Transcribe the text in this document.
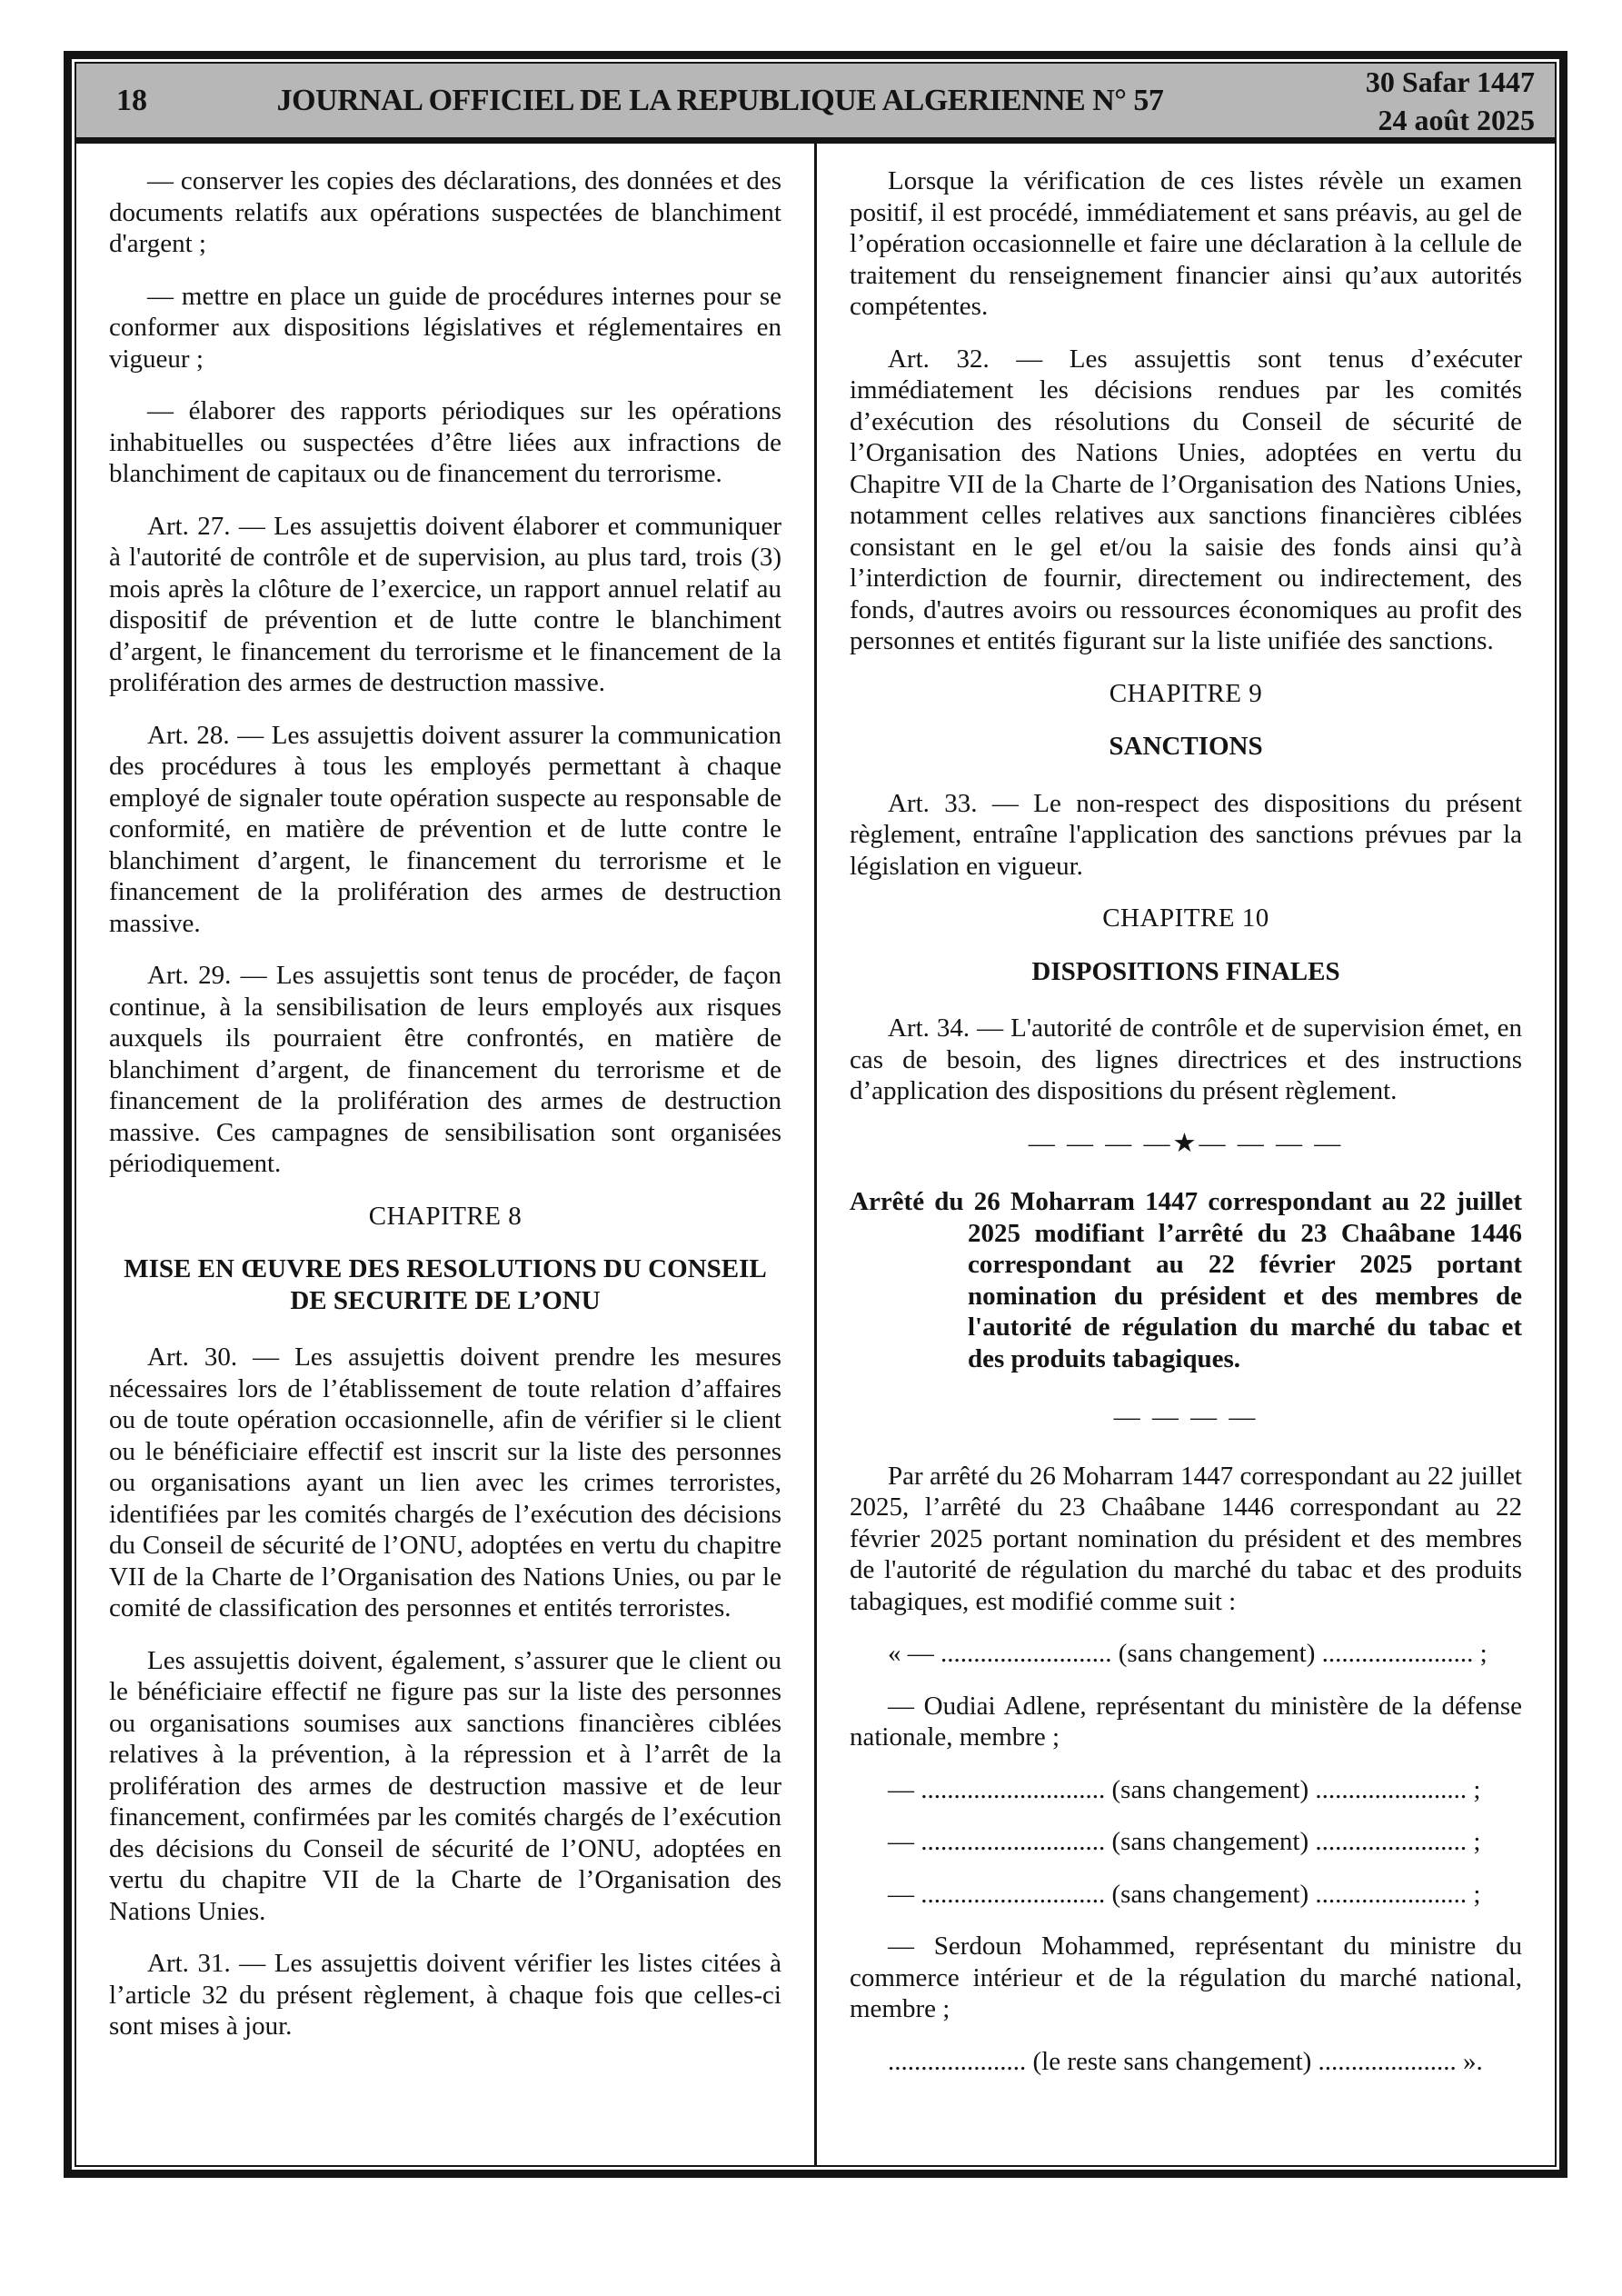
18	JOURNAL OFFICIEL DE LA REPUBLIQUE ALGERIENNE N° 57
30 Safar 1447
24 août 2025

— conserver les copies des déclarations, des données et des documents relatifs aux opérations suspectées de blanchiment d'argent ;

— mettre en place un guide de procédures internes pour se conformer aux dispositions législatives et réglementaires en vigueur ;

— élaborer des rapports périodiques sur les opérations inhabituelles ou suspectées d’être liées aux infractions de blanchiment de capitaux ou de financement du terrorisme.

Art. 27. — Les assujettis doivent élaborer et communiquer à l'autorité de contrôle et de supervision, au plus tard, trois (3) mois après la clôture de l’exercice, un rapport annuel relatif au dispositif de prévention et de lutte contre le blanchiment d’argent, le financement du terrorisme et le financement de la prolifération des armes de destruction massive.

Art. 28. — Les assujettis doivent assurer la communication des procédures à tous les employés permettant à chaque employé de signaler toute opération suspecte au responsable de conformité, en matière de prévention et de lutte contre le blanchiment d’argent, le financement du terrorisme et le financement de la prolifération des armes de destruction massive.

Art. 29. — Les assujettis sont tenus de procéder, de façon continue, à la sensibilisation de leurs employés aux risques auxquels ils pourraient être confrontés, en matière de blanchiment d’argent, de financement du terrorisme et de financement de la prolifération des armes de destruction massive. Ces campagnes de sensibilisation sont organisées périodiquement.

CHAPITRE 8

MISE EN ŒUVRE DES RESOLUTIONS DU CONSEIL DE SECURITE DE L’ONU

Art. 30. — Les assujettis doivent prendre les mesures nécessaires lors de l’établissement de toute relation d’affaires ou de toute opération occasionnelle, afin de vérifier si le client ou le bénéficiaire effectif est inscrit sur la liste des personnes ou organisations ayant un lien avec les crimes terroristes, identifiées par les comités chargés de l’exécution des décisions du Conseil de sécurité de l’ONU, adoptées en vertu du chapitre VII de la Charte de l’Organisation des Nations Unies, ou par le comité de classification des personnes et entités terroristes.

Les assujettis doivent, également, s’assurer que le client ou le bénéficiaire effectif ne figure pas sur la liste des personnes ou organisations soumises aux sanctions financières ciblées relatives à la prévention, à la répression et à l’arrêt de la prolifération des armes de destruction massive et de leur financement, confirmées par les comités chargés de l’exécution des décisions du Conseil de sécurité de l’ONU, adoptées en vertu du chapitre VII de la Charte de l’Organisation des Nations Unies.

Art. 31. — Les assujettis doivent vérifier les listes citées à l’article 32 du présent règlement, à chaque fois que celles-ci sont mises à jour.

Lorsque la vérification de ces listes révèle un examen positif, il est procédé, immédiatement et sans préavis, au gel de l’opération occasionnelle et faire une déclaration à la cellule de traitement du renseignement financier ainsi qu’aux autorités compétentes.

Art. 32. — Les assujettis sont tenus d’exécuter immédiatement les décisions rendues par les comités d’exécution des résolutions du Conseil de sécurité de l’Organisation des Nations Unies, adoptées en vertu du Chapitre VII de la Charte de l’Organisation des Nations Unies, notamment celles relatives aux sanctions financières ciblées consistant en le gel et/ou la saisie des fonds ainsi qu’à l’interdiction de fournir, directement ou indirectement, des fonds, d'autres avoirs ou ressources économiques au profit des personnes et entités figurant sur la liste unifiée des sanctions.

CHAPITRE 9

SANCTIONS

Art. 33. — Le non-respect des dispositions du présent règlement, entraîne l'application des sanctions prévues par la législation en vigueur.

CHAPITRE 10

DISPOSITIONS FINALES

Art. 34. — L'autorité de contrôle et de supervision émet, en cas de besoin, des lignes directrices et des instructions d’application des dispositions du présent règlement.

— — — —★— — — —

Arrêté du 26 Moharram 1447 correspondant au 22 juillet 2025 modifiant l’arrêté du 23 Chaâbane 1446 correspondant au 22 février 2025 portant nomination du président et des membres de l'autorité de régulation du marché du tabac et des produits tabagiques.

— — — —

Par arrêté du 26 Moharram 1447 correspondant au 22 juillet 2025, l’arrêté du 23 Chaâbane 1446 correspondant au 22 février 2025 portant nomination du président et des membres de l'autorité de régulation du marché du tabac et des produits tabagiques, est modifié comme suit :

« — .......................... (sans changement) ....................... ;

— Oudiai Adlene, représentant du ministère de la défense nationale, membre ;

— ............................ (sans changement) ....................... ;

— ............................ (sans changement) ....................... ;

— ............................ (sans changement) ....................... ;

— Serdoun Mohammed, représentant du ministre du commerce intérieur et de la régulation du marché national, membre ;

..................... (le reste sans changement) ..................... ».
